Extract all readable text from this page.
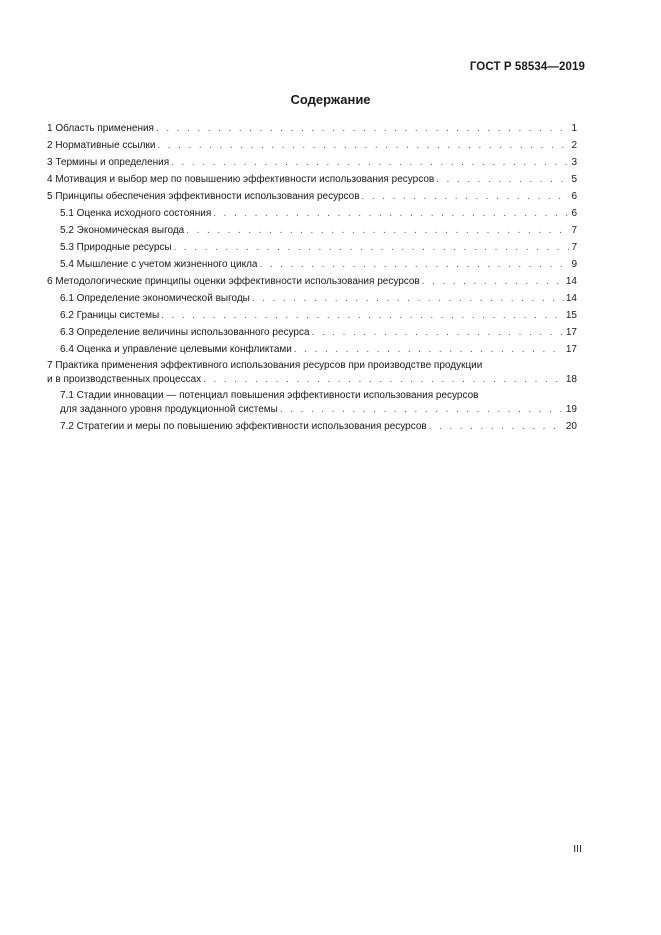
ГОСТ Р 58534—2019
Содержание
1 Область применения . . .	1
2 Нормативные ссылки . . .	2
3 Термины и определения . . .	3
4 Мотивация и выбор мер по повышению эффективности использования ресурсов . . .	5
5 Принципы обеспечения эффективности использования ресурсов . . .	6
5.1 Оценка исходного состояния . . .	6
5.2 Экономическая выгода . . .	7
5.3 Природные ресурсы . . .	7
5.4 Мышление с учетом жизненного цикла . . .	9
6 Методологические принципы оценки эффективности использования ресурсов . . .	14
6.1 Определение экономической выгоды . . .	14
6.2 Границы системы . . .	15
6.3 Определение величины использованного ресурса . . .	17
6.4 Оценка и управление целевыми конфликтами . . .	17
7 Практика применения эффективного использования ресурсов при производстве продукции
и в производственных процессах . . .	18
7.1 Стадии инновации — потенциал повышения эффективности использования ресурсов
для заданного уровня продукционной системы . . .	19
7.2 Стратегии и меры по повышению эффективности использования ресурсов . . .	20
III
